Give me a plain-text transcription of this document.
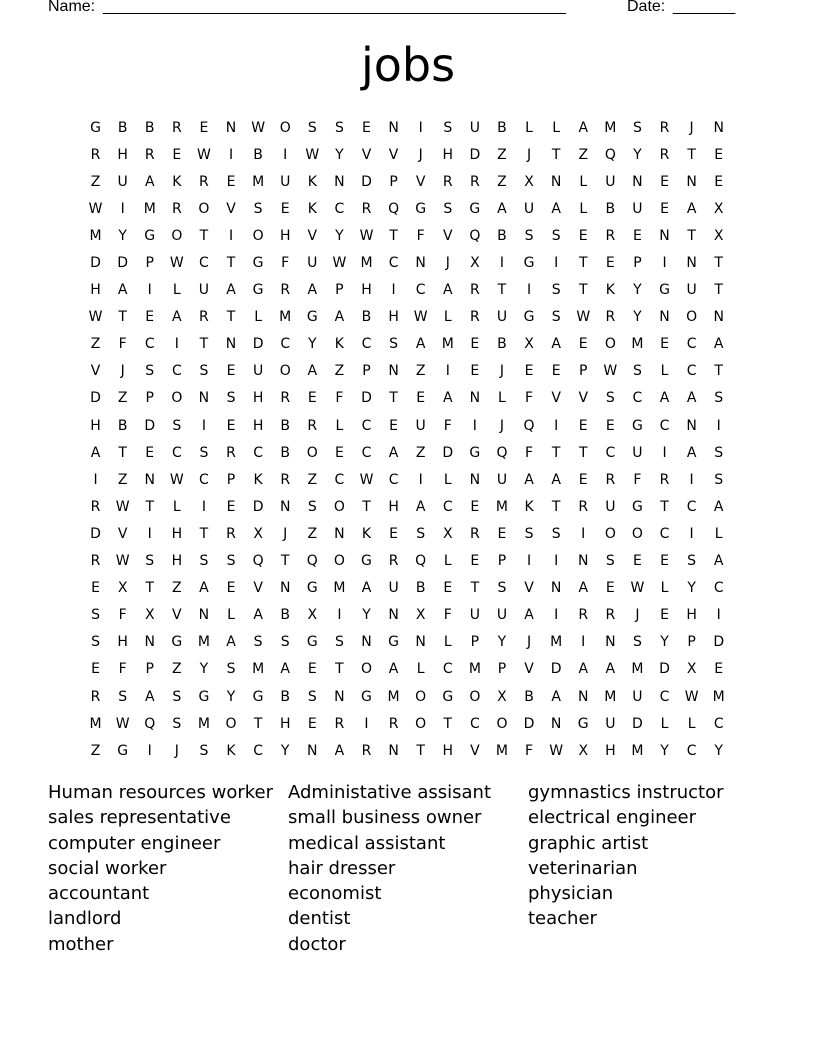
Name: ____________________________________________________	Date: _______
jobs
G	B	B	R	E	N	W	O	S	S	E	N	I	S	U	B	L	L	A	M	S	R	J	N
R	H	R	E	W	I	B	I	W	Y	V	V	J	H	D	Z	J	T	Z	Q	Y	R	T	E
Z	U	A	K	R	E	M	U	K	N	D	P	V	R	R	Z	X	N	L	U	N	E	N	E
W	I	M	R	O	V	S	E	K	C	R	Q	G	S	G	A	U	A	L	B	U	E	A	X
M	Y	G	O	T	I	O	H	V	Y	W	T	F	V	Q	B	S	S	E	R	E	N	T	X
D	D	P	W	C	T	G	F	U	W	M	C	N	J	X	I	G	I	T	E	P	I	N	T
H	A	I	L	U	A	G	R	A	P	H	I	C	A	R	T	I	S	T	K	Y	G	U	T
W	T	E	A	R	T	L	M	G	A	B	H	W	L	R	U	G	S	W	R	Y	N	O	N
Z	F	C	I	T	N	D	C	Y	K	C	S	A	M	E	B	X	A	E	O	M	E	C	A
V	J	S	C	S	E	U	O	A	Z	P	N	Z	I	E	J	E	E	P	W	S	L	C	T
D	Z	P	O	N	S	H	R	E	F	D	T	E	A	N	L	F	V	V	S	C	A	A	S
H	B	D	S	I	E	H	B	R	L	C	E	U	F	I	J	Q	I	E	E	G	C	N	I
A	T	E	C	S	R	C	B	O	E	C	A	Z	D	G	Q	F	T	T	C	U	I	A	S
I	Z	N	W	C	P	K	R	Z	C	W	C	I	L	N	U	A	A	E	R	F	R	I	S
R	W	T	L	I	E	D	N	S	O	T	H	A	C	E	M	K	T	R	U	G	T	C	A
D	V	I	H	T	R	X	J	Z	N	K	E	S	X	R	E	S	S	I	O	O	C	I	L
R	W	S	H	S	S	Q	T	Q	O	G	R	Q	L	E	P	I	I	N	S	E	E	S	A
E	X	T	Z	A	E	V	N	G	M	A	U	B	E	T	S	V	N	A	E	W	L	Y	C
S	F	X	V	N	L	A	B	X	I	Y	N	X	F	U	U	A	I	R	R	J	E	H	I
S	H	N	G	M	A	S	S	G	S	N	G	N	L	P	Y	J	M	I	N	S	Y	P	D
E	F	P	Z	Y	S	M	A	E	T	O	A	L	C	M	P	V	D	A	A	M	D	X	E
R	S	A	S	G	Y	G	B	S	N	G	M	O	G	O	X	B	A	N	M	U	C	W	M
M	W	Q	S	M	O	T	H	E	R	I	R	O	T	C	O	D	N	G	U	D	L	L	C
Z	G	I	J	S	K	C	Y	N	A	R	N	T	H	V	M	F	W	X	H	M	Y	C	Y
Human resources worker
sales representative
computer engineer
social worker
accountant
landlord
mother
Administative assisant
small business owner
medical assistant
hair dresser
economist
dentist
doctor
gymnastics instructor
electrical engineer
graphic artist
veterinarian
physician
teacher
